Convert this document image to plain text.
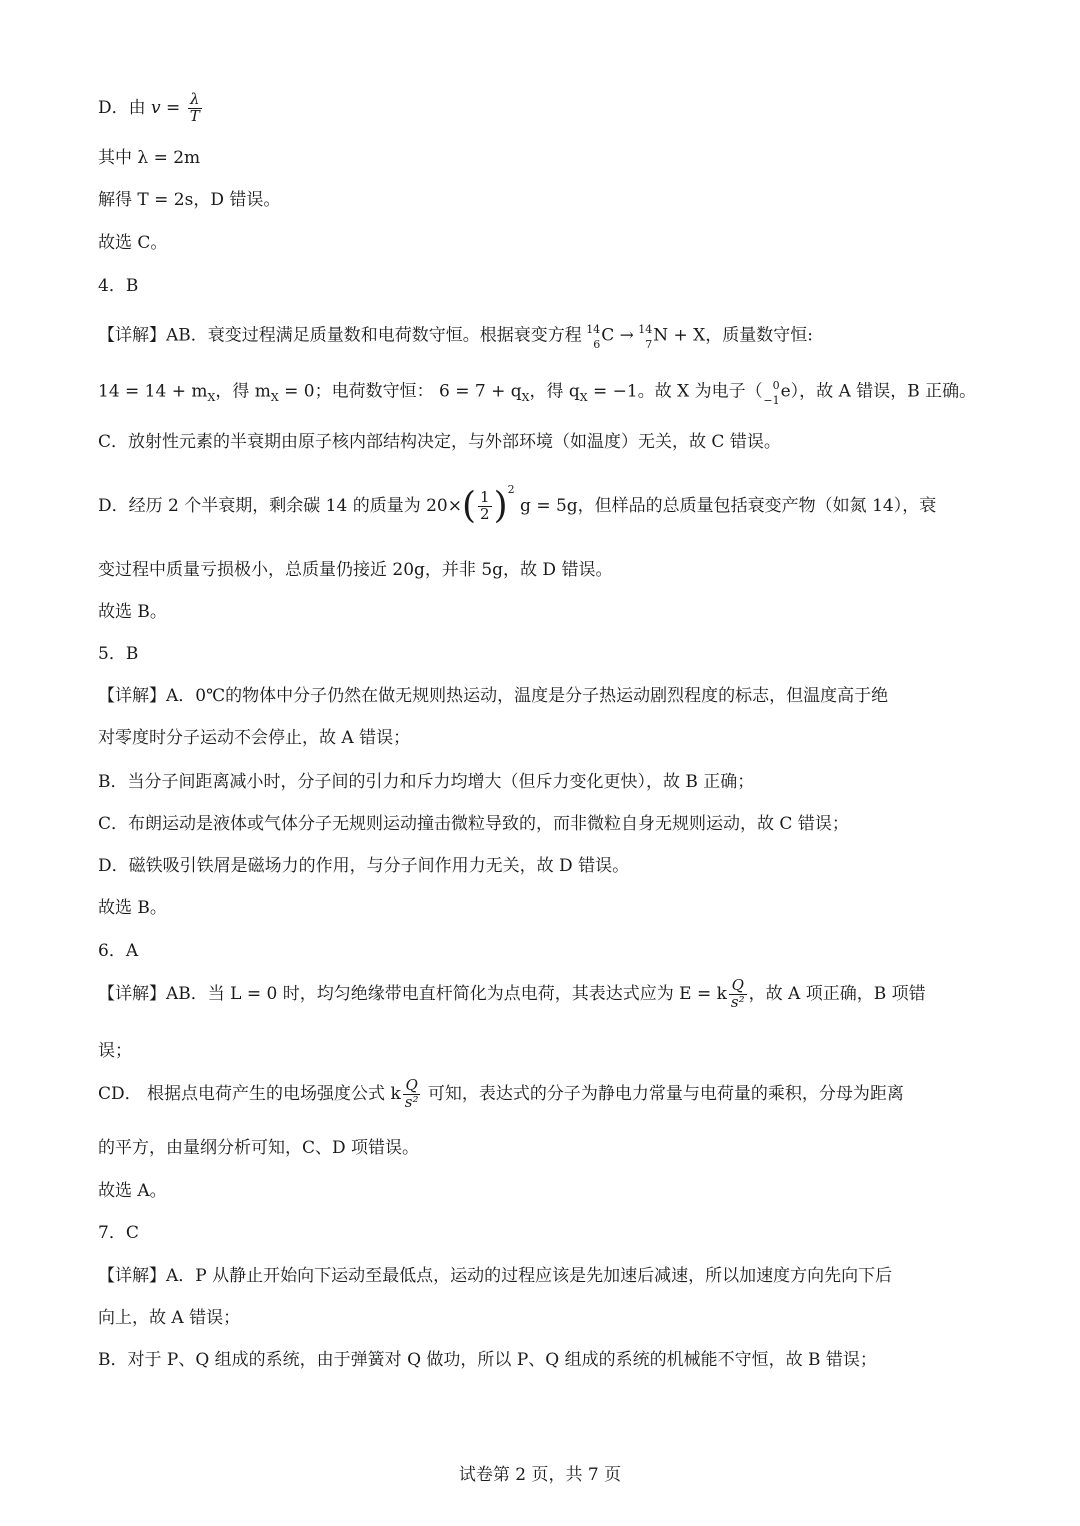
D．由 $v = \frac{\lambda}{T}$
其中 λ = 2m
解得 T = 2s，D 错误。
故选 C。
4．B
【详解】AB．衰变过程满足质量数和电荷数守恒。根据衰变方程 14
6 C → 14
7 N + X，质量数守恒:
$14 = 14 + m_X$，得 $m_X = 0$；电荷数守恒： $6 = 7 + q_X$，得 $q_X = -1$。故 X 为电子（ 0
−1 e），故 A 错误，B 正确。
C．放射性元素的半衰期由原子核内部结构决定，与外部环境（如温度）无关，故 C 错误。
D．经历 2 个半衰期，剩余碳 14 的质量为 $20\times( \frac{1}{2} )^2$ g = 5g，但样品的总质量包括衰变产物（如氮 14），衰
变过程中质量亏损极小，总质量仍接近 20g，并非 5g，故 D 错误。
故选 B。
5．B
【详解】A．0℃的物体中分子仍然在做无规则热运动，温度是分子热运动剧烈程度的标志，但温度高于绝
对零度时分子运动不会停止，故 A 错误；
B．当分子间距离减小时，分子间的引力和斥力均增大（但斥力变化更快），故 B 正确；
C．布朗运动是液体或气体分子无规则运动撞击微粒导致的，而非微粒自身无规则运动，故 C 错误；
D．磁铁吸引铁屑是磁场力的作用，与分子间作用力无关，故 D 错误。
故选 B。
6．A
【详解】AB．当 L = 0 时，均匀绝缘带电直杆简化为点电荷，其表达式应为 E = k $\frac{Q}{\text{s²}}$ ，故 A 项正确，B 项错
误；
CD． 根据点电荷产生的电场强度公式 k $\frac{Q}{\text{s²}}$ 可知，表达式的分子为静电力常量与电荷量的乘积，分母为距离
的平方，由量纲分析可知，C、D 项错误。
故选 A。
7．C
【详解】A．P 从静止开始向下运动至最低点，运动的过程应该是先加速后减速，所以加速度方向先向下后
向上，故 A 错误；
B．对于 P、Q 组成的系统，由于弹簧对 Q 做功，所以 P、Q 组成的系统的机械能不守恒，故 B 错误；
试卷第 2 页，共 7 页
